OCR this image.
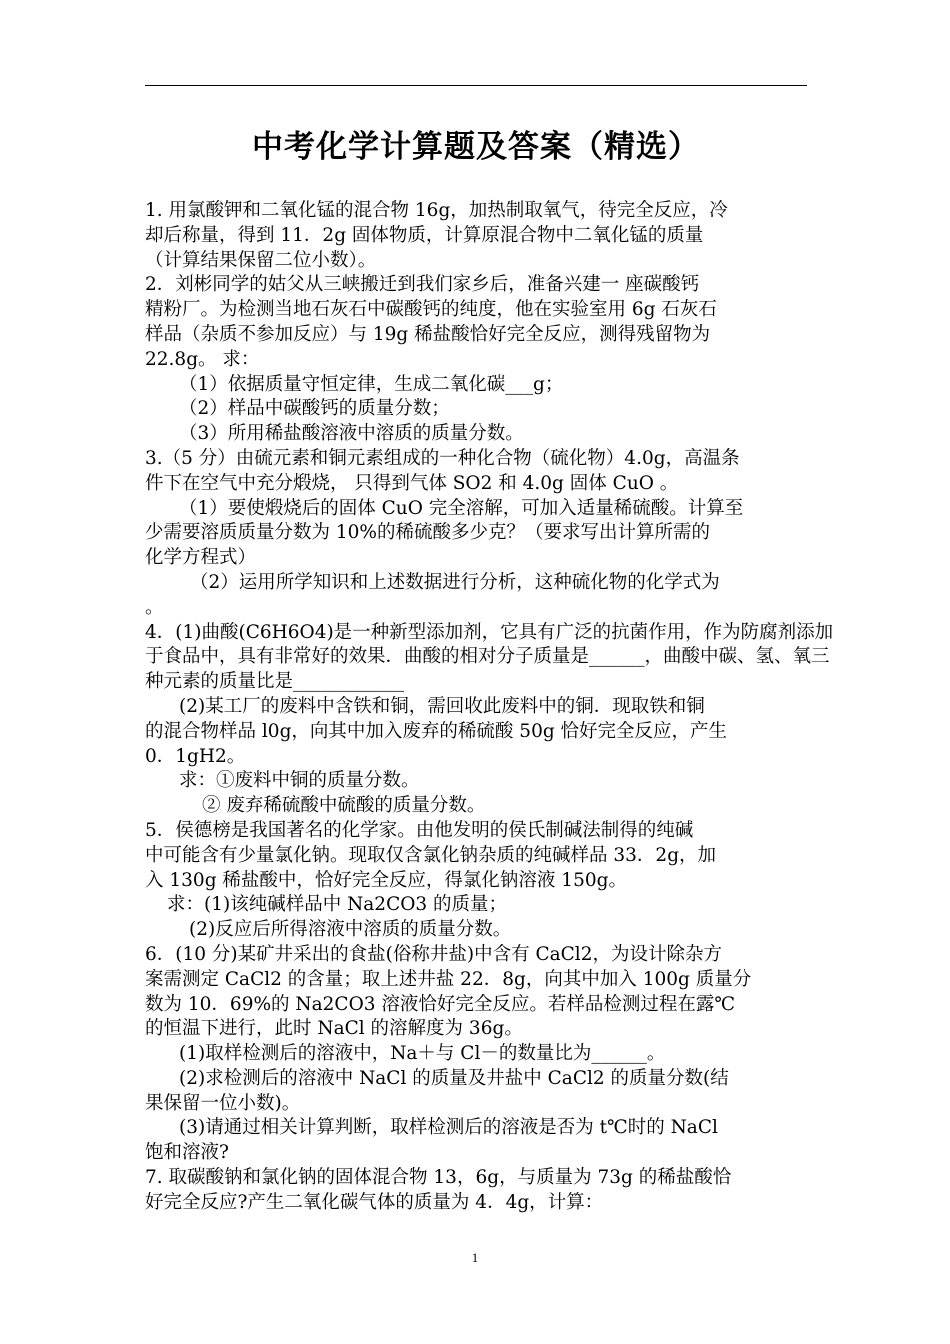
中考化学计算题及答案（精选）
1. 用氯酸钾和二氧化锰的混合物 16g，加热制取氧气，待完全反应，冷
却后称量，得到 11．2g 固体物质，计算原混合物中二氧化锰的质量
（计算结果保留二位小数）。
2．刘彬同学的姑父从三峡搬迁到我们家乡后，准备兴建一 座碳酸钙
精粉厂。为检测当地石灰石中碳酸钙的纯度，他在实验室用 6g 石灰石
样品（杂质不参加反应）与 19g 稀盐酸恰好完全反应，测得残留物为
22.8g。 求：
（1）依据质量守恒定律，生成二氧化碳___g；
（2）样品中碳酸钙的质量分数；
（3）所用稀盐酸溶液中溶质的质量分数。
3.（5 分）由硫元素和铜元素组成的一种化合物（硫化物）4.0g，高温条
件下在空气中充分煅烧， 只得到气体 SO2 和 4.0g 固体 CuO 。
（1）要使煅烧后的固体 CuO 完全溶解，可加入适量稀硫酸。计算至
少需要溶质质量分数为 10%的稀硫酸多少克？（要求写出计算所需的
化学方程式）
（2）运用所学知识和上述数据进行分析，这种硫化物的化学式为
。
4．(1)曲酸(C6H6O4)是一种新型添加剂，它具有广泛的抗菌作用，作为防腐剂添加
于食品中，具有非常好的效果．曲酸的相对分子质量是______，曲酸中碳、氢、氧三
种元素的质量比是____________
(2)某工厂的废料中含铁和铜，需回收此废料中的铜．现取铁和铜
的混合物样品 l0g，向其中加入废弃的稀硫酸 50g 恰好完全反应，产生
0．1gH2。
求：①废料中铜的质量分数。
② 废弃稀硫酸中硫酸的质量分数。
5．侯德榜是我国著名的化学家。由他发明的侯氏制碱法制得的纯碱
中可能含有少量氯化钠。现取仅含氯化钠杂质的纯碱样品 33．2g，加
入 130g 稀盐酸中，恰好完全反应，得氯化钠溶液 150g。
求：(1)该纯碱样品中 Na2CO3 的质量；
(2)反应后所得溶液中溶质的质量分数。
6．(10 分)某矿井采出的食盐(俗称井盐)中含有 CaCl2，为设计除杂方
案需测定 CaCl2 的含量；取上述井盐 22．8g，向其中加入 100g 质量分
数为 10．69%的 Na2CO3 溶液恰好完全反应。若样品检测过程在露℃
的恒温下进行，此时 NaCl 的溶解度为 36g。
(1)取样检测后的溶液中，Na＋与 Cl－的数量比为______。
(2)求检测后的溶液中 NaCl 的质量及井盐中 CaCl2 的质量分数(结
果保留一位小数)。
(3)请通过相关计算判断，取样检测后的溶液是否为 t℃时的 NaCl
饱和溶液?
7. 取碳酸钠和氯化钠的固体混合物 13，6g，与质量为 73g 的稀盐酸恰
好完全反应?产生二氧化碳气体的质量为 4．4g，计算：
1
